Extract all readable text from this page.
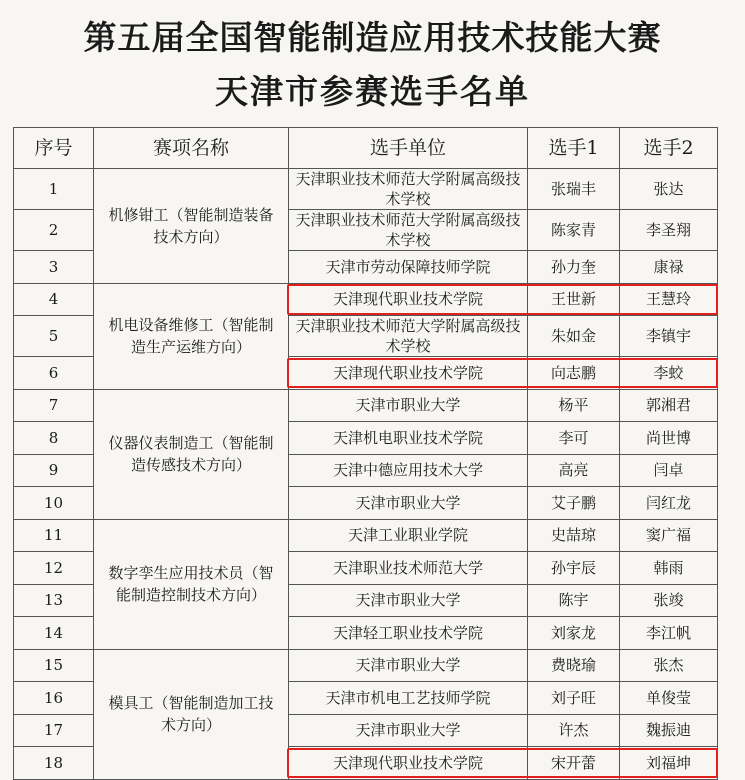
第五届全国智能制造应用技术技能大赛
天津市参赛选手名单
序号	赛项名称	选手单位	选手1	选手2
1	机修钳工（智能制造装备技术方向）	天津职业技术师范大学附属高级技术学校	张瑞丰	张达
2		天津职业技术师范大学附属高级技术学校	陈家青	李圣翔
3		天津市劳动保障技师学院	孙力奎	康禄
4	机电设备维修工（智能制造生产运维方向）	天津现代职业技术学院	王世新	王慧玲
5		天津职业技术师范大学附属高级技术学校	朱如金	李镇宇
6		天津现代职业技术学院	向志鹏	李蛟
7	仪器仪表制造工（智能制造传感技术方向）	天津市职业大学	杨平	郭湘君
8		天津机电职业技术学院	李可	尚世博
9		天津中德应用技术大学	高亮	闫卓
10		天津市职业大学	艾子鹏	闫红龙
11	数字孪生应用技术员（智能制造控制技术方向）	天津工业职业学院	史喆琼	窦广福
12		天津职业技术师范大学	孙宇辰	韩雨
13		天津市职业大学	陈宇	张竣
14		天津轻工职业技术学院	刘家龙	李江帆
15	模具工（智能制造加工技术方向）	天津市职业大学	费晓瑜	张杰
16		天津市机电工艺技师学院	刘子旺	单俊莹
17		天津市职业大学	许杰	魏振迪
18		天津现代职业技术学院	宋开蕾	刘福坤
